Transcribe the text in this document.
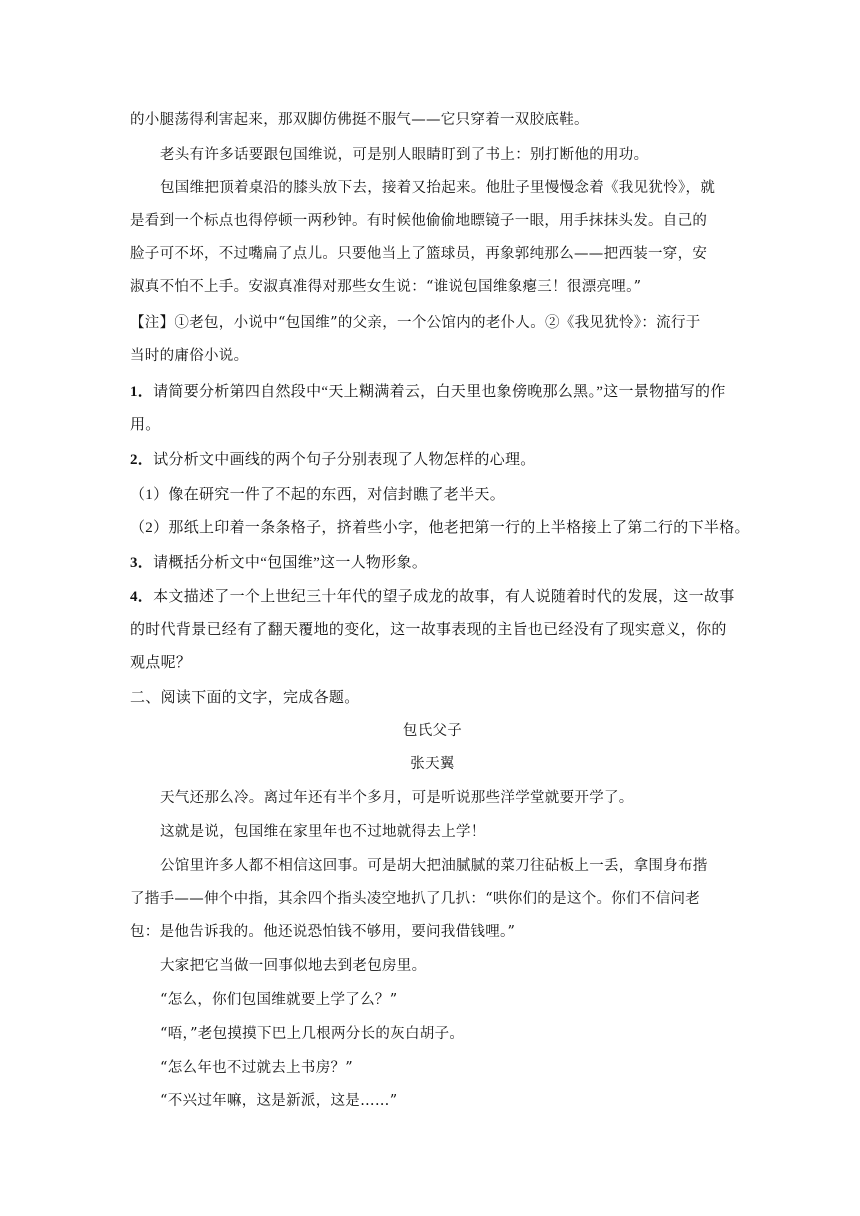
的小腿荡得利害起来，那双脚仿佛挺不服气——它只穿着一双胶底鞋。
老头有许多话要跟包国维说，可是别人眼睛盯到了书上：别打断他的用功。
包国维把顶着桌沿的膝头放下去，接着又抬起来。他肚子里慢慢念着《我见犹怜》，就
是看到一个标点也得停顿一两秒钟。有时候他偷偷地瞟镜子一眼，用手抹抹头发。自己的
脸子可不坏，不过嘴扁了点儿。只要他当上了篮球员，再象郭纯那么——把西装一穿，安
淑真不怕不上手。安淑真准得对那些女生说：“谁说包国维象瘪三！很漂亮哩。”
【注】①老包，小说中“包国维”的父亲，一个公馆内的老仆人。②《我见犹怜》：流行于
当时的庸俗小说。
1．请简要分析第四自然段中“天上糊满着云，白天里也象傍晚那么黑。”这一景物描写的作
用。
2．试分析文中画线的两个句子分别表现了人物怎样的心理。
（1）像在研究一件了不起的东西，对信封瞧了老半天。
（2）那纸上印着一条条格子，挤着些小字，他老把第一行的上半格接上了第二行的下半格。
3．请概括分析文中“包国维”这一人物形象。
4．本文描述了一个上世纪三十年代的望子成龙的故事，有人说随着时代的发展，这一故事
的时代背景已经有了翻天覆地的变化，这一故事表现的主旨也已经没有了现实意义，你的
观点呢？
二、阅读下面的文字，完成各题。
包氏父子
张天翼
天气还那么冷。离过年还有半个多月，可是听说那些洋学堂就要开学了。
这就是说，包国维在家里年也不过地就得去上学！
公馆里许多人都不相信这回事。可是胡大把油腻腻的菜刀往砧板上一丢，拿围身布揩
了揩手——伸个中指，其余四个指头凌空地扒了几扒：“哄你们的是这个。你们不信问老
包：是他告诉我的。他还说恐怕钱不够用，要问我借钱哩。”
大家把它当做一回事似地去到老包房里。
“怎么，你们包国维就要上学了么？”
“唔，”老包摸摸下巴上几根两分长的灰白胡子。
“怎么年也不过就去上书房？”
“不兴过年嘛，这是新派，这是……”
